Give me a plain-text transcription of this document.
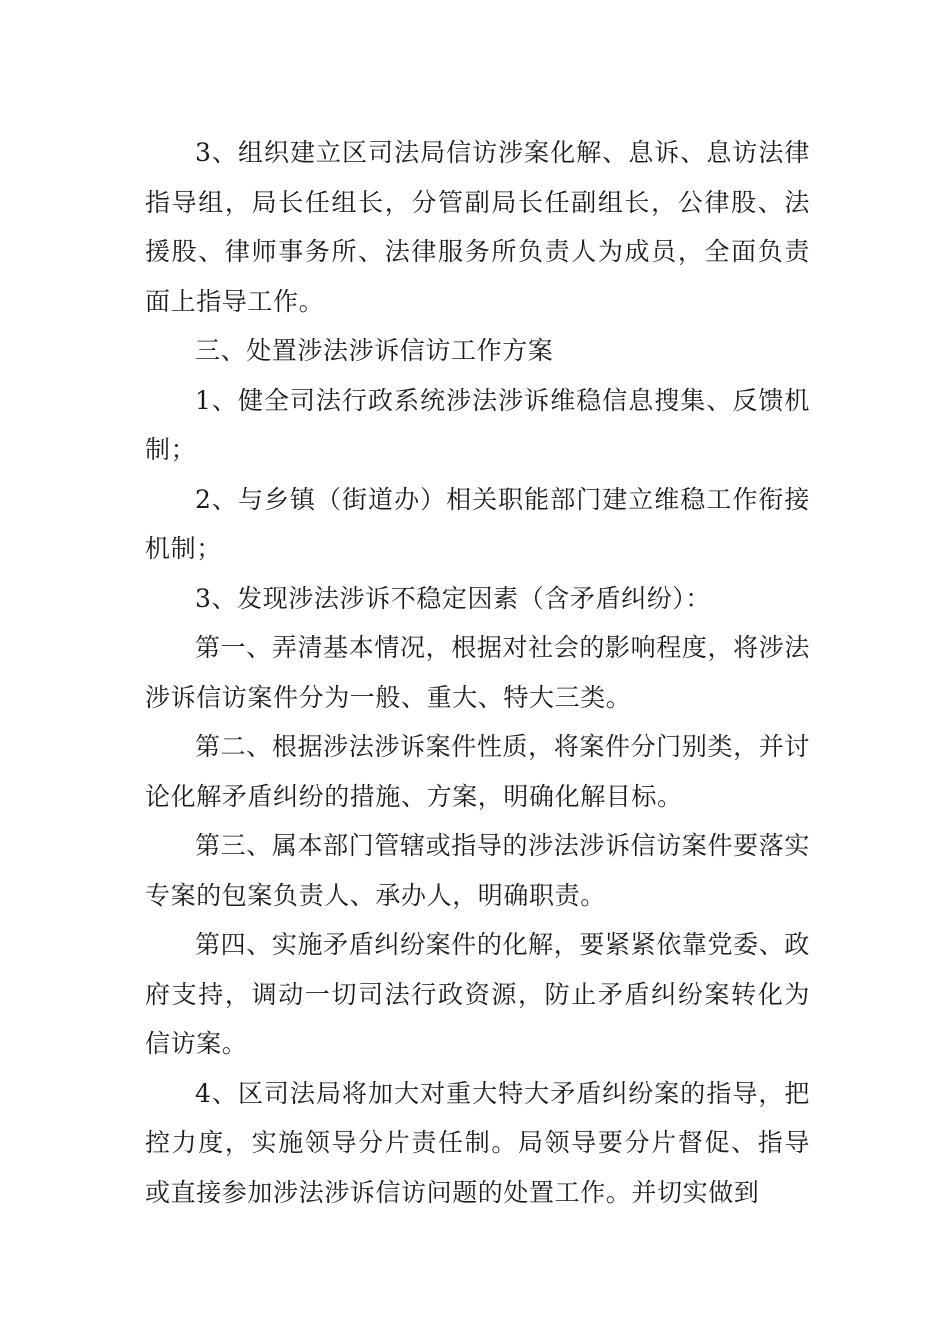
3、组织建立区司法局信访涉案化解、息诉、息访法律指导组，局长任组长，分管副局长任副组长，公律股、法援股、律师事务所、法律服务所负责人为成员，全面负责面上指导工作。

三、处置涉法涉诉信访工作方案

1、健全司法行政系统涉法涉诉维稳信息搜集、反馈机制；

2、与乡镇（街道办）相关职能部门建立维稳工作衔接机制；

3、发现涉法涉诉不稳定因素（含矛盾纠纷）：

第一、弄清基本情况，根据对社会的影响程度，将涉法涉诉信访案件分为一般、重大、特大三类。

第二、根据涉法涉诉案件性质，将案件分门别类，并讨论化解矛盾纠纷的措施、方案，明确化解目标。

第三、属本部门管辖或指导的涉法涉诉信访案件要落实专案的包案负责人、承办人，明确职责。

第四、实施矛盾纠纷案件的化解，要紧紧依靠党委、政府支持，调动一切司法行政资源，防止矛盾纠纷案转化为信访案。

4、区司法局将加大对重大特大矛盾纠纷案的指导，把控力度，实施领导分片责任制。局领导要分片督促、指导或直接参加涉法涉诉信访问题的处置工作。并切实做到
